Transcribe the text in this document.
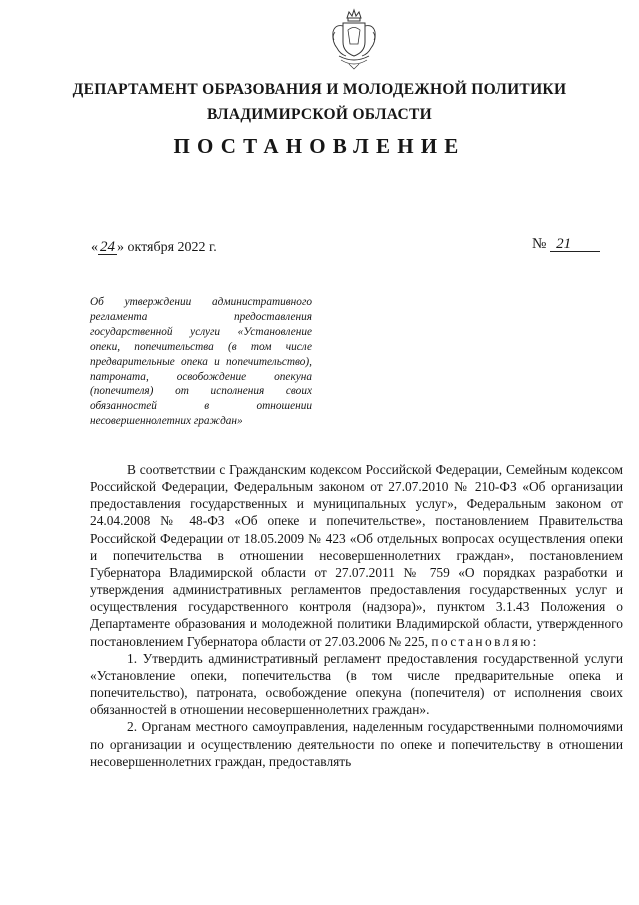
ДЕПАРТАМЕНТ ОБРАЗОВАНИЯ И МОЛОДЕЖНОЙ ПОЛИТИКИ
ВЛАДИМИРСКОЙ ОБЛАСТИ
ПОСТАНОВЛЕНИЕ
« 24 » октября 2022 г.	№ 21
Об утверждении административного регламента предоставления государственной услуги «Установление опеки, попечительства (в том числе предварительные опека и попечительство), патроната, освобождение опекуна (попечителя) от исполнения своих обязанностей в отношении несовершеннолетних граждан»

В соответствии с Гражданским кодексом Российской Федерации, Семейным кодексом Российской Федерации, Федеральным законом от 27.07.2010 № 210-ФЗ «Об организации предоставления государственных и муниципальных услуг», Федеральным законом от 24.04.2008 № 48-ФЗ «Об опеке и попечительстве», постановлением Правительства Российской Федерации от 18.05.2009 № 423 «Об отдельных вопросах осуществления опеки и попечительства в отношении несовершеннолетних граждан», постановлением Губернатора Владимирской области от 27.07.2011 № 759 «О порядках разработки и утверждения административных регламентов предоставления государственных услуг и осуществления государственного контроля (надзора)», пунктом 3.1.43 Положения о Департаменте образования и молодежной политики Владимирской области, утвержденного постановлением Губернатора области от 27.03.2006 № 225, постановляю:

1. Утвердить административный регламент предоставления государственной услуги «Установление опеки, попечительства (в том числе предварительные опека и попечительство), патроната, освобождение опекуна (попечителя) от исполнения своих обязанностей в отношении несовершеннолетних граждан».

2. Органам местного самоуправления, наделенным государственными полномочиями по организации и осуществлению деятельности по опеке и попечительству в отношении несовершеннолетних граждан, предоставлять
